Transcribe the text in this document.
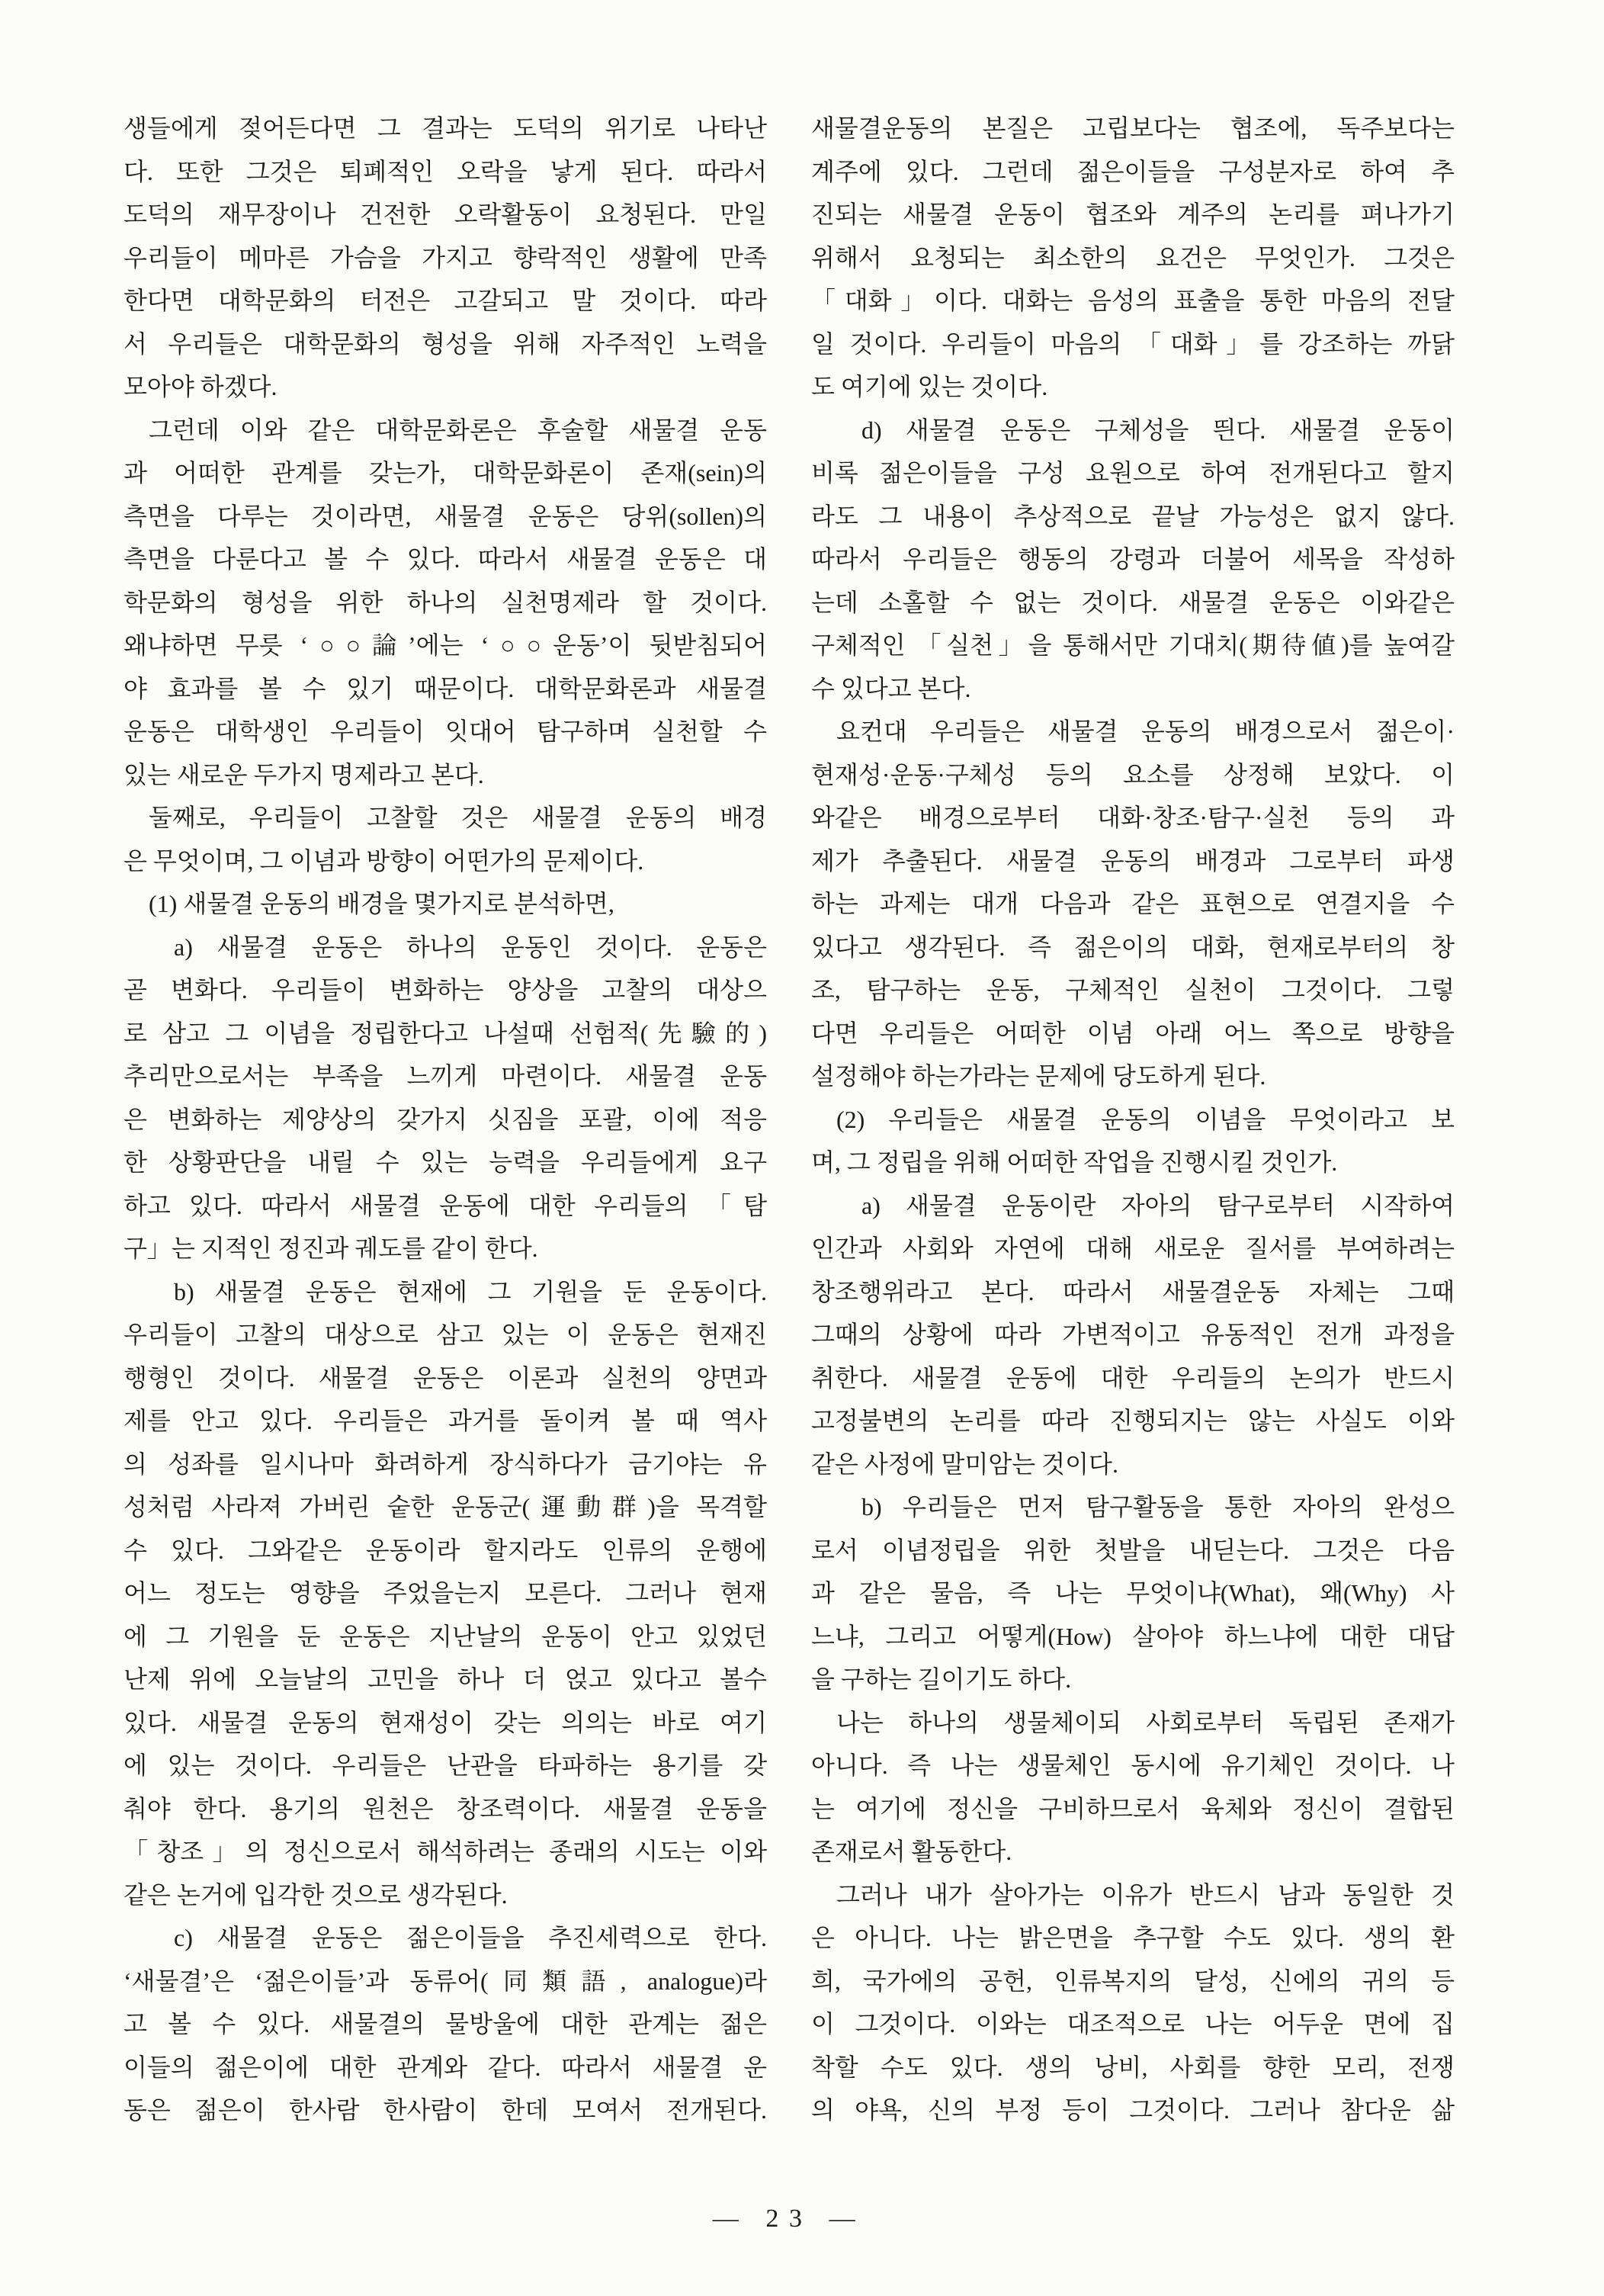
생들에게 젖어든다면 그 결과는 도덕의 위기로 나타난
다. 또한 그것은 퇴폐적인 오락을 낳게 된다. 따라서
도덕의 재무장이나 건전한 오락활동이 요청된다. 만일
우리들이 메마른 가슴을 가지고 향락적인 생활에 만족
한다면 대학문화의 터전은 고갈되고 말 것이다. 따라
서 우리들은 대학문화의 형성을 위해 자주적인 노력을
모아야 하겠다.
그런데 이와 같은 대학문화론은 후술할 새물결 운동
과 어떠한 관계를 갖는가, 대학문화론이 존재(sein)의
측면을 다루는 것이라면, 새물결 운동은 당위(sollen)의
측면을 다룬다고 볼 수 있다. 따라서 새물결 운동은 대
학문화의 형성을 위한 하나의 실천명제라 할 것이다.
왜냐하면 무릇 ‘○○論’에는 ‘○○운동’이 뒷받침되어
야 효과를 볼 수 있기 때문이다. 대학문화론과 새물결
운동은 대학생인 우리들이 잇대어 탐구하며 실천할 수
있는 새로운 두가지 명제라고 본다.
둘째로, 우리들이 고찰할 것은 새물결 운동의 배경
은 무엇이며, 그 이념과 방향이 어떤가의 문제이다.
(1) 새물결 운동의 배경을 몇가지로 분석하면,
a) 새물결 운동은 하나의 운동인 것이다. 운동은
곧 변화다. 우리들이 변화하는 양상을 고찰의 대상으
로 삼고 그 이념을 정립한다고 나설때 선험적(先驗的)
추리만으로서는 부족을 느끼게 마련이다. 새물결 운동
은 변화하는 제양상의 갖가지 싯짐을 포괄, 이에 적응
한 상황판단을 내릴 수 있는 능력을 우리들에게 요구
하고 있다. 따라서 새물결 운동에 대한 우리들의 「탐
구」는 지적인 정진과 궤도를 같이 한다.
b) 새물결 운동은 현재에 그 기원을 둔 운동이다.
우리들이 고찰의 대상으로 삼고 있는 이 운동은 현재진
행형인 것이다. 새물결 운동은 이론과 실천의 양면과
제를 안고 있다. 우리들은 과거를 돌이켜 볼 때 역사
의 성좌를 일시나마 화려하게 장식하다가 금기야는 유
성처럼 사라져 가버린 숱한 운동군(運動群)을 목격할
수 있다. 그와같은 운동이라 할지라도 인류의 운행에
어느 정도는 영향을 주었을는지 모른다. 그러나 현재
에 그 기원을 둔 운동은 지난날의 운동이 안고 있었던
난제 위에 오늘날의 고민을 하나 더 얹고 있다고 볼수
있다. 새물결 운동의 현재성이 갖는 의의는 바로 여기
에 있는 것이다. 우리들은 난관을 타파하는 용기를 갖
춰야 한다. 용기의 원천은 창조력이다. 새물결 운동을
「창조」의 정신으로서 해석하려는 종래의 시도는 이와
같은 논거에 입각한 것으로 생각된다.
c) 새물결 운동은 젊은이들을 추진세력으로 한다.
‘새물결’은 ‘젊은이들’과 동류어(同類語, analogue)라
고 볼 수 있다. 새물결의 물방울에 대한 관계는 젊은
이들의 젊은이에 대한 관계와 같다. 따라서 새물결 운
동은 젊은이 한사람 한사람이 한데 모여서 전개된다.
새물결운동의 본질은 고립보다는 협조에, 독주보다는
계주에 있다. 그런데 젊은이들을 구성분자로 하여 추
진되는 새물결 운동이 협조와 계주의 논리를 펴나가기
위해서 요청되는 최소한의 요건은 무엇인가. 그것은
「대화」이다. 대화는 음성의 표출을 통한 마음의 전달
일 것이다. 우리들이 마음의 「대화」를 강조하는 까닭
도 여기에 있는 것이다.
d) 새물결 운동은 구체성을 띈다. 새물결 운동이
비록 젊은이들을 구성 요원으로 하여 전개된다고 할지
라도 그 내용이 추상적으로 끝날 가능성은 없지 않다.
따라서 우리들은 행동의 강령과 더불어 세목을 작성하
는데 소홀할 수 없는 것이다. 새물결 운동은 이와같은
구체적인 「실천」을 통해서만 기대치(期待値)를 높여갈
수 있다고 본다.
요컨대 우리들은 새물결 운동의 배경으로서 젊은이·
현재성·운동·구체성 등의 요소를 상정해 보았다. 이
와같은 배경으로부터 대화·창조·탐구·실천 등의 과
제가 추출된다. 새물결 운동의 배경과 그로부터 파생
하는 과제는 대개 다음과 같은 표현으로 연결지을 수
있다고 생각된다. 즉 젊은이의 대화, 현재로부터의 창
조, 탐구하는 운동, 구체적인 실천이 그것이다. 그렇
다면 우리들은 어떠한 이념 아래 어느 쪽으로 방향을
설정해야 하는가라는 문제에 당도하게 된다.
(2) 우리들은 새물결 운동의 이념을 무엇이라고 보
며, 그 정립을 위해 어떠한 작업을 진행시킬 것인가.
a) 새물결 운동이란 자아의 탐구로부터 시작하여
인간과 사회와 자연에 대해 새로운 질서를 부여하려는
창조행위라고 본다. 따라서 새물결운동 자체는 그때
그때의 상황에 따라 가변적이고 유동적인 전개 과정을
취한다. 새물결 운동에 대한 우리들의 논의가 반드시
고정불변의 논리를 따라 진행되지는 않는 사실도 이와
같은 사정에 말미암는 것이다.
b) 우리들은 먼저 탐구활동을 통한 자아의 완성으
로서 이념정립을 위한 첫발을 내딛는다. 그것은 다음
과 같은 물음, 즉 나는 무엇이냐(What), 왜(Why) 사
느냐, 그리고 어떻게(How) 살아야 하느냐에 대한 대답
을 구하는 길이기도 하다.
나는 하나의 생물체이되 사회로부터 독립된 존재가
아니다. 즉 나는 생물체인 동시에 유기체인 것이다. 나
는 여기에 정신을 구비하므로서 육체와 정신이 결합된
존재로서 활동한다.
그러나 내가 살아가는 이유가 반드시 남과 동일한 것
은 아니다. 나는 밝은면을 추구할 수도 있다. 생의 환
희, 국가에의 공헌, 인류복지의 달성, 신에의 귀의 등
이 그것이다. 이와는 대조적으로 나는 어두운 면에 집
착할 수도 있다. 생의 낭비, 사회를 향한 모리, 전쟁
의 야욕, 신의 부정 등이 그것이다. 그러나 참다운 삶
— 23 —
